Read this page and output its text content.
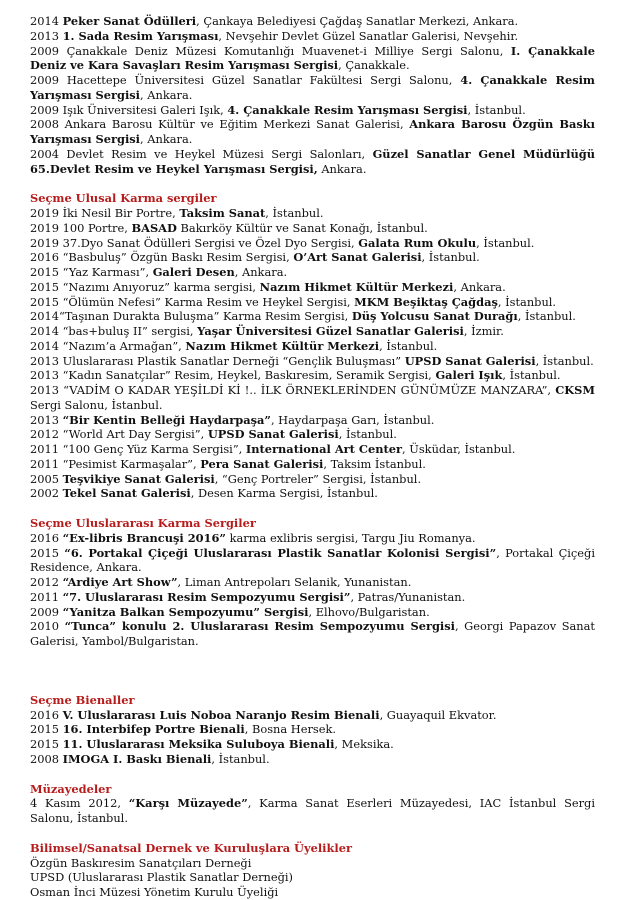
2014 Peker Sanat Ödülleri, Çankaya Belediyesi Çağdaş Sanatlar Merkezi, Ankara.

2013 1. Sada Resim Yarışması, Nevşehir Devlet Güzel Sanatlar Galerisi, Nevşehir.

2009 Çanakkale Deniz Müzesi Komutanlığı Muavenet-i Milliye Sergi Salonu, I. Çanakkale Deniz ve Kara Savaşları Resim Yarışması Sergisi, Çanakkale.

2009 Hacettepe Üniversitesi Güzel Sanatlar Fakültesi Sergi Salonu, 4. Çanakkale Resim Yarışması Sergisi, Ankara.

2009 Işık Üniversitesi Galeri Işık, 4. Çanakkale Resim Yarışması Sergisi, İstanbul.

2008 Ankara Barosu Kültür ve Eğitim Merkezi Sanat Galerisi, Ankara Barosu Özgün Baskı Yarışması Sergisi, Ankara.

2004 Devlet Resim ve Heykel Müzesi Sergi Salonları, Güzel Sanatlar Genel Müdürlüğü 65.Devlet Resim ve Heykel Yarışması Sergisi, Ankara.

Seçme Ulusal Karma sergiler

2019 İki Nesil Bir Portre, Taksim Sanat, İstanbul.

2019 100 Portre, BASAD Bakırköy Kültür ve Sanat Konağı, İstanbul.

2019 37.Dyo Sanat Ödülleri Sergisi ve Özel Dyo Sergisi, Galata Rum Okulu, İstanbul.

2016 “Basbuluş” Özgün Baskı Resim Sergisi, O’Art Sanat Galerisi, İstanbul.

2015 “Yaz Karması”, Galeri Desen, Ankara.

2015 “Nazımı Anıyoruz” karma sergisi, Nazım Hikmet Kültür Merkezi, Ankara.

2015 “Ölümün Nefesi” Karma Resim ve Heykel Sergisi, MKM Beşiktaş Çağdaş, İstanbul.

2014“Taşınan Durakta Buluşma” Karma Resim Sergisi, Düş Yolcusu Sanat Durağı, İstanbul.

2014 “bas+buluş II” sergisi, Yaşar Üniversitesi Güzel Sanatlar Galerisi, İzmir.

2014 “Nazım’a Armağan”, Nazım Hikmet Kültür Merkezi, İstanbul.

2013 Uluslararası Plastik Sanatlar Derneği “Gençlik Buluşması” UPSD Sanat Galerisi, İstanbul.

2013 “Kadın Sanatçılar” Resim, Heykel, Baskıresim, Seramik Sergisi, Galeri Işık, İstanbul.

2013 “VADİM O KADAR YEŞİLDİ Kİ !.. İLK ÖRNEKLERİNDEN GÜNÜMÜZE MANZARA”, CKSM Sergi Salonu, İstanbul.

2013 “Bir Kentin Belleği Haydarpaşa”, Haydarpaşa Garı, İstanbul.

2012 “World Art Day Sergisi”, UPSD Sanat Galerisi, İstanbul.

2011 “100 Genç Yüz Karma Sergisi”, International Art Center, Üsküdar, İstanbul.

2011 “Pesimist Karmaşalar”, Pera Sanat Galerisi, Taksim İstanbul.

2005 Teşvikiye Sanat Galerisi, “Genç Portreler” Sergisi, İstanbul.

2002 Tekel Sanat Galerisi, Desen Karma Sergisi, İstanbul.

Seçme Uluslararası Karma Sergiler

2016 “Ex-libris Brancuşi 2016” karma exlibris sergisi, Targu Jiu Romanya.

2015 “6. Portakal Çiçeği Uluslararası Plastik Sanatlar Kolonisi Sergisi”, Portakal Çiçeği Residence, Ankara.

2012 “Ardiye Art Show”, Liman Antrepoları Selanik, Yunanistan.

2011 “7. Uluslararası Resim Sempozyumu Sergisi”, Patras/Yunanistan.

2009 “Yanitza Balkan Sempozyumu” Sergisi, Elhovo/Bulgaristan.

2010 “Tunca” konulu 2. Uluslararası Resim Sempozyumu Sergisi, Georgi Papazov Sanat Galerisi, Yambol/Bulgaristan.

Seçme Bienaller

2016 V. Uluslararası Luis Noboa Naranjo Resim Bienali, Guayaquil Ekvator.

2015 16. Interbifep Portre Bienali, Bosna Hersek.

2015 11. Uluslararası Meksika Suluboya Bienali, Meksika.

2008 IMOGA I. Baskı Bienali, İstanbul.

Müzayedeler

4 Kasım 2012, “Karşı Müzayede”, Karma Sanat Eserleri Müzayedesi, IAC İstanbul Sergi Salonu, İstanbul.

Bilimsel/Sanatsal Dernek ve Kuruluşlara Üyelikler

Özgün Baskıresim Sanatçıları Derneği

UPSD (Uluslararası Plastik Sanatlar Derneği)

Osman İnci Müzesi Yönetim Kurulu Üyeliği
